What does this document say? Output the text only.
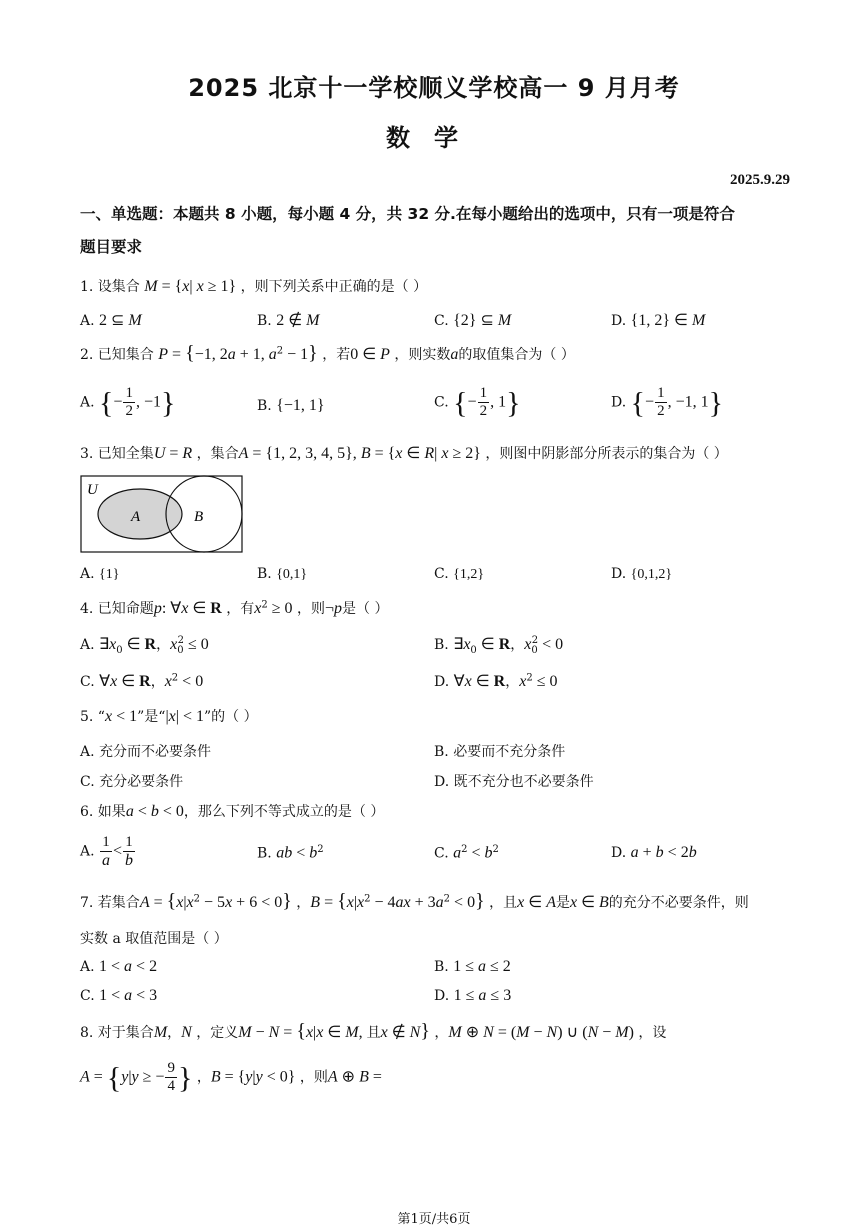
2025 北京十一学校顺义学校高一 9 月月考
数学
2025.9.29
一、单选题：本题共 8 小题，每小题 4 分，共 32 分.在每小题给出的选项中，只有一项是符合
题目要求
1. 设集合 M = {x| x ≥ 1} ，则下列关系中正确的是（ ）
A. 2 ⊆ M	B. 2 ∉ M	C. {2} ⊆ M	D. {1, 2} ∈ M
2. 已知集合 P = {−1, 2a + 1, $a^2 - 1$} ，若0 ∈ P ，则实数a的取值集合为（ ）
A. {− $\frac{1}{2}$ , −1}	B. {−1, 1}	C. {− $\frac{1}{2}$ , 1}	D. {− $\frac{1}{2}$ , −1, 1}
3. 已知全集U = R ，集合A = {1, 2, 3, 4, 5}, B = {x ∈ R| x ≥ 2} ，则图中阴影部分所表示的集合为（ ）
U
A	B
A. {1}	B. {0,1}	C. {1,2}	D. {0,1,2}
4. 已知命题p: ∀x ∈ R ，有$x^2 \ge 0$ ，则¬p是（ ）
A. $\exists x_0$ ∈ R，$x_0^2 \le 0$	B. $\exists x_0$ ∈ R，$x_0^2 < 0$
C. ∀x ∈ R，$x^2 < 0$	D. ∀x ∈ R，$x^2 \le 0$
5. “x < 1”是“|x| < 1”的（ ）
A. 充分而不必要条件	B. 必要而不充分条件
C. 充分必要条件	D. 既不充分也不必要条件
6. 如果a < b < 0，那么下列不等式成立的是（ ）
A. $\frac{1}{a} < \frac{1}{b}$	B. ab < $b^2$	C. $a^2 < b^2$	D. a + b < 2b
7. 若集合$A = \{x|x^2 - 5x + 6 < 0\}$ ，$B = \{x|x^2 - 4ax + 3a^2 < 0\}$ ，且x ∈ A是x ∈ B的充分不必要条件，则
实数 a 取值范围是（ ）
A. 1 < a < 2	B. 1 ≤ a ≤ 2
C. 1 < a < 3	D. 1 ≤ a ≤ 3
8. 对于集合M，N ，定义M − N = {x|x ∈ M, 且x ∉ N} ，M ⊕ N = (M − N) ∪ (N − M) ，设
A = {y|y ≥ − $\frac{9}{4}$ } ，B = {y|y < 0} ，则A ⊕ B =
第1页/共6页
